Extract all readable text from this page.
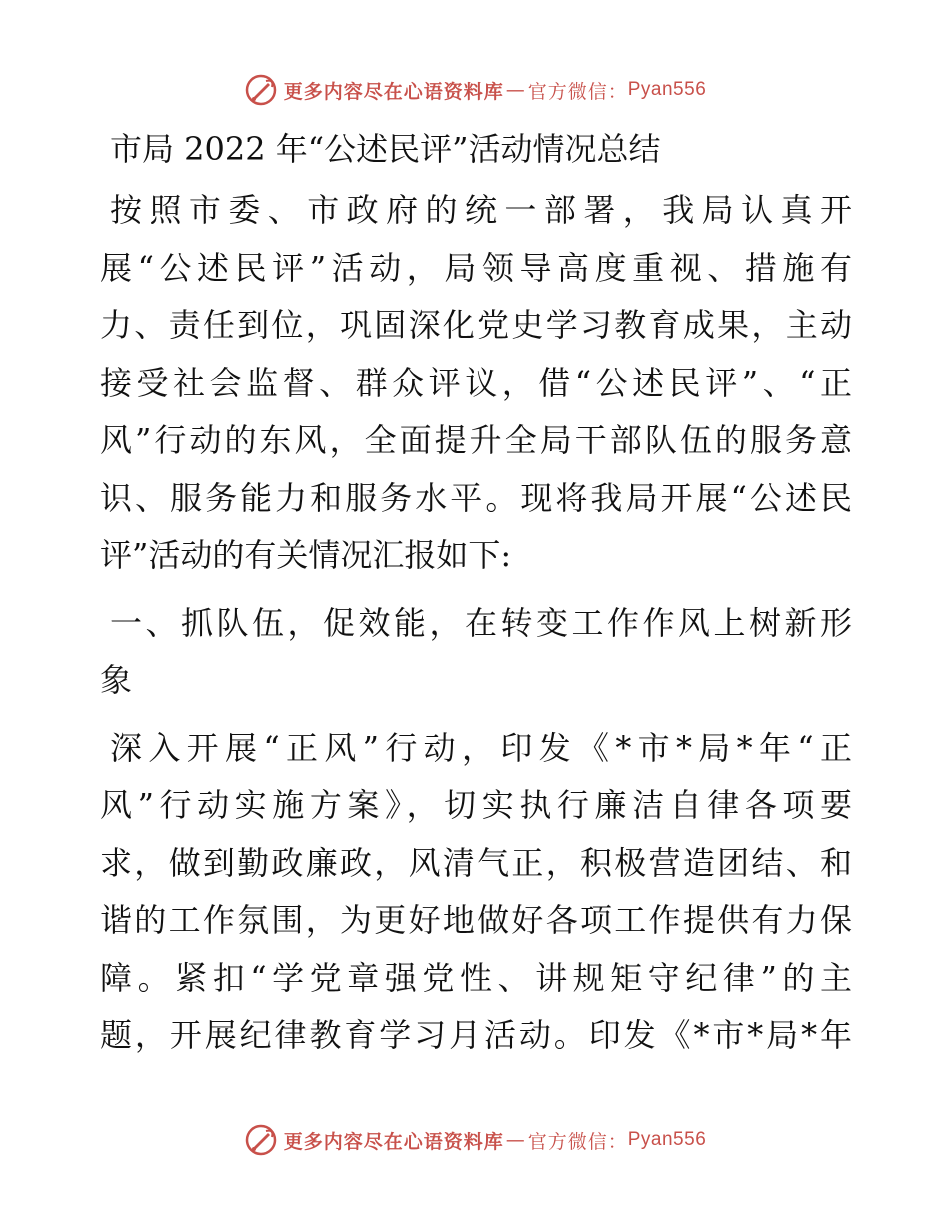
更多内容尽在心语资料库 — 官方微信： Pyan556
市局 2022 年“公述民评”活动情况总结
按照市委、市政府的统一部署，我局认真开
展“公述民评”活动，局领导高度重视、措施有
力、责任到位，巩固深化党史学习教育成果，主动
接受社会监督、群众评议，借“公述民评”、“正
风”行动的东风，全面提升全局干部队伍的服务意
识、服务能力和服务水平。现将我局开展“公述民
评”活动的有关情况汇报如下:
一、抓队伍，促效能，在转变工作作风上树新形
象
深入开展“正风”行动，印发《*市*局*年“正
风”行动实施方案》，切实执行廉洁自律各项要
求，做到勤政廉政，风清气正，积极营造团结、和
谐的工作氛围，为更好地做好各项工作提供有力保
障。紧扣“学党章强党性、讲规矩守纪律”的主
题，开展纪律教育学习月活动。印发《*市*局*年
更多内容尽在心语资料库 — 官方微信： Pyan556
